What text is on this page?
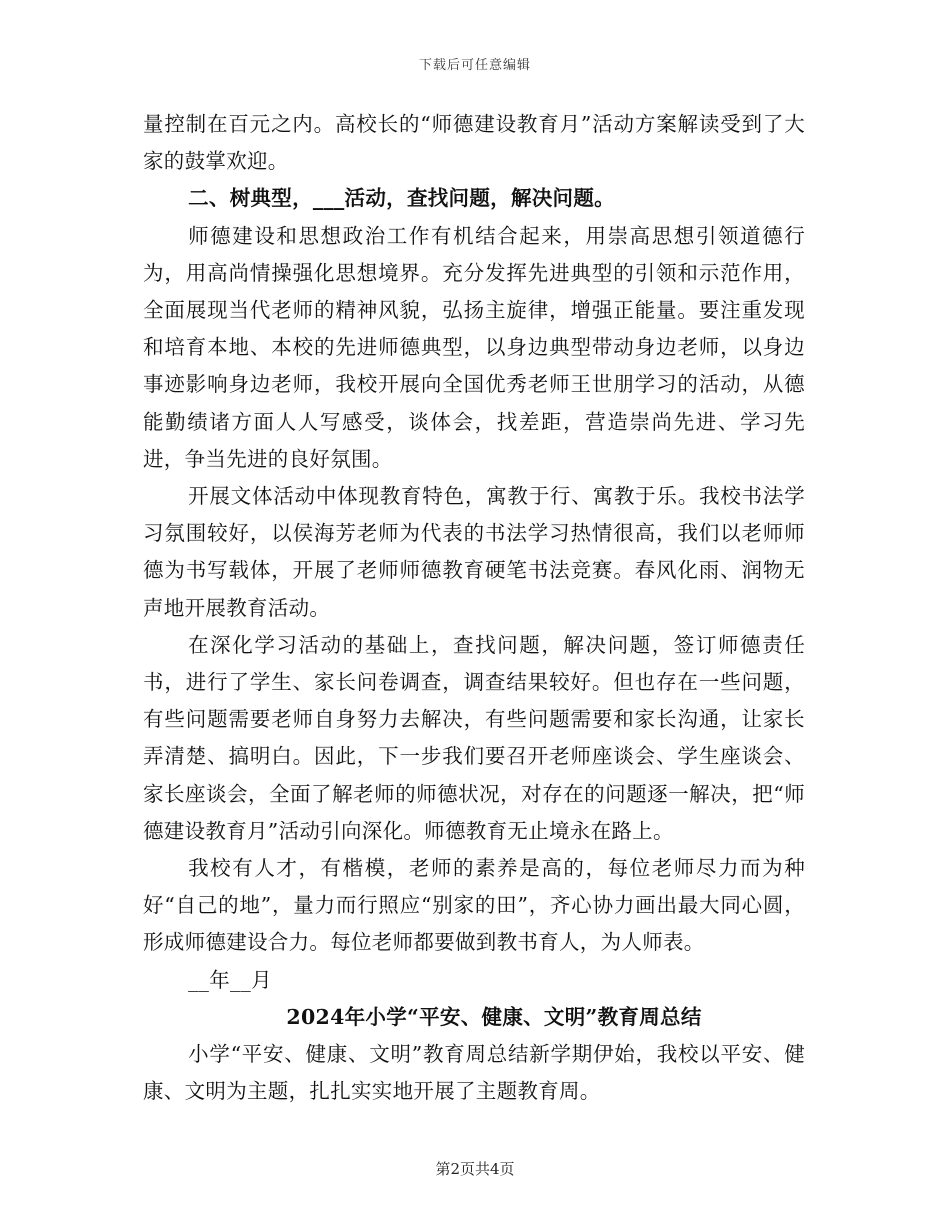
下载后可任意编辑

量控制在百元之内。高校长的“师德建设教育月”活动方案解读受到了大家的鼓掌欢迎。

二、树典型，___活动，查找问题，解决问题。

师德建设和思想政治工作有机结合起来，用崇高思想引领道德行为，用高尚情操强化思想境界。充分发挥先进典型的引领和示范作用，全面展现当代老师的精神风貌，弘扬主旋律，增强正能量。要注重发现和培育本地、本校的先进师德典型，以身边典型带动身边老师，以身边事迹影响身边老师，我校开展向全国优秀老师王世朋学习的活动，从德能勤绩诸方面人人写感受，谈体会，找差距，营造崇尚先进、学习先进，争当先进的良好氛围。

开展文体活动中体现教育特色，寓教于行、寓教于乐。我校书法学习氛围较好，以侯海芳老师为代表的书法学习热情很高，我们以老师师德为书写载体，开展了老师师德教育硬笔书法竞赛。春风化雨、润物无声地开展教育活动。

在深化学习活动的基础上，查找问题，解决问题，签订师德责任书，进行了学生、家长问卷调查，调查结果较好。但也存在一些问题，有些问题需要老师自身努力去解决，有些问题需要和家长沟通，让家长弄清楚、搞明白。因此，下一步我们要召开老师座谈会、学生座谈会、家长座谈会，全面了解老师的师德状况，对存在的问题逐一解决，把“师德建设教育月”活动引向深化。师德教育无止境永在路上。

我校有人才，有楷模，老师的素养是高的，每位老师尽力而为种好“自己的地”，量力而行照应“别家的田”，齐心协力画出最大同心圆，形成师德建设合力。每位老师都要做到教书育人，为人师表。

__年__月

2024年小学“平安、健康、文明”教育周总结

小学“平安、健康、文明”教育周总结新学期伊始，我校以平安、健康、文明为主题，扎扎实实地开展了主题教育周。

第2页共4页
